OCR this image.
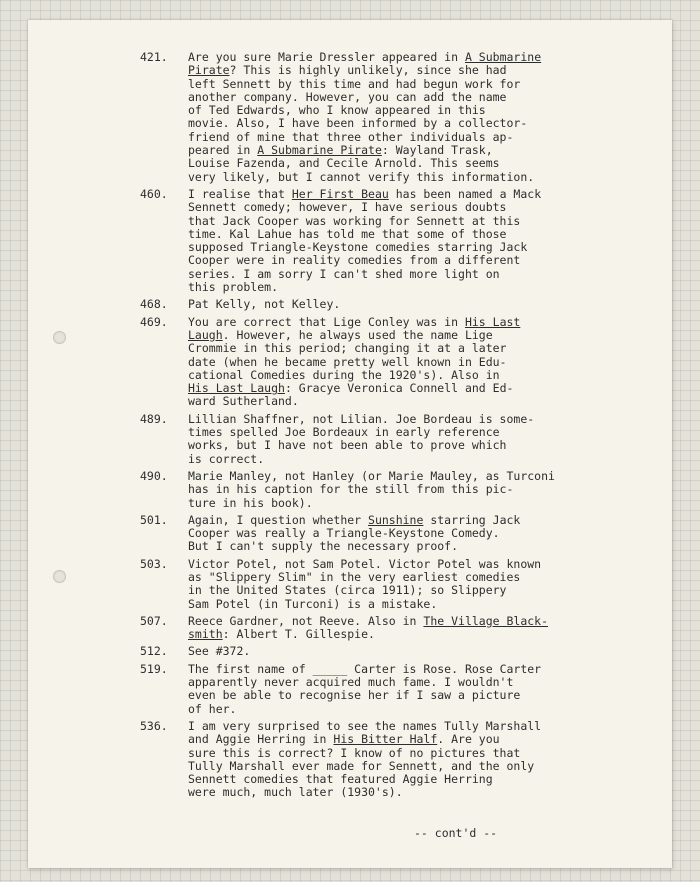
421.	Are you sure Marie Dressler appeared in A Submarine
Pirate? This is highly unlikely, since she had
left Sennett by this time and had begun work for
another company. However, you can add the name
of Ted Edwards, who I know appeared in this
movie. Also, I have been informed by a collector-
friend of mine that three other individuals ap-
peared in A Submarine Pirate: Wayland Trask,
Louise Fazenda, and Cecile Arnold. This seems
very likely, but I cannot verify this information.
460.	I realise that Her First Beau has been named a Mack
Sennett comedy; however, I have serious doubts
that Jack Cooper was working for Sennett at this
time. Kal Lahue has told me that some of those
supposed Triangle-Keystone comedies starring Jack
Cooper were in reality comedies from a different
series. I am sorry I can't shed more light on
this problem.
468.	Pat Kelly, not Kelley.
469.	You are correct that Lige Conley was in His Last
Laugh. However, he always used the name Lige
Crommie in this period; changing it at a later
date (when he became pretty well known in Edu-
cational Comedies during the 1920's). Also in
His Last Laugh: Gracye Veronica Connell and Ed-
ward Sutherland.
489.	Lillian Shaffner, not Lilian. Joe Bordeau is some-
times spelled Joe Bordeaux in early reference
works, but I have not been able to prove which
is correct.
490.	Marie Manley, not Hanley (or Marie Mauley, as Turconi
has in his caption for the still from this pic-
ture in his book).
501.	Again, I question whether Sunshine starring Jack
Cooper was really a Triangle-Keystone Comedy.
But I can't supply the necessary proof.
503.	Victor Potel, not Sam Potel. Victor Potel was known
as "Slippery Slim" in the very earliest comedies
in the United States (circa 1911); so Slippery
Sam Potel (in Turconi) is a mistake.
507.	Reece Gardner, not Reeve. Also in The Village Black-
smith: Albert T. Gillespie.
512.	See #372.
519.	The first name of _____ Carter is Rose. Rose Carter
apparently never acquired much fame. I wouldn't
even be able to recognise her if I saw a picture
of her.
536.	I am very surprised to see the names Tully Marshall
and Aggie Herring in His Bitter Half. Are you
sure this is correct? I know of no pictures that
Tully Marshall ever made for Sennett, and the only
Sennett comedies that featured Aggie Herring
were much, much later (1930's).
-- cont'd --
